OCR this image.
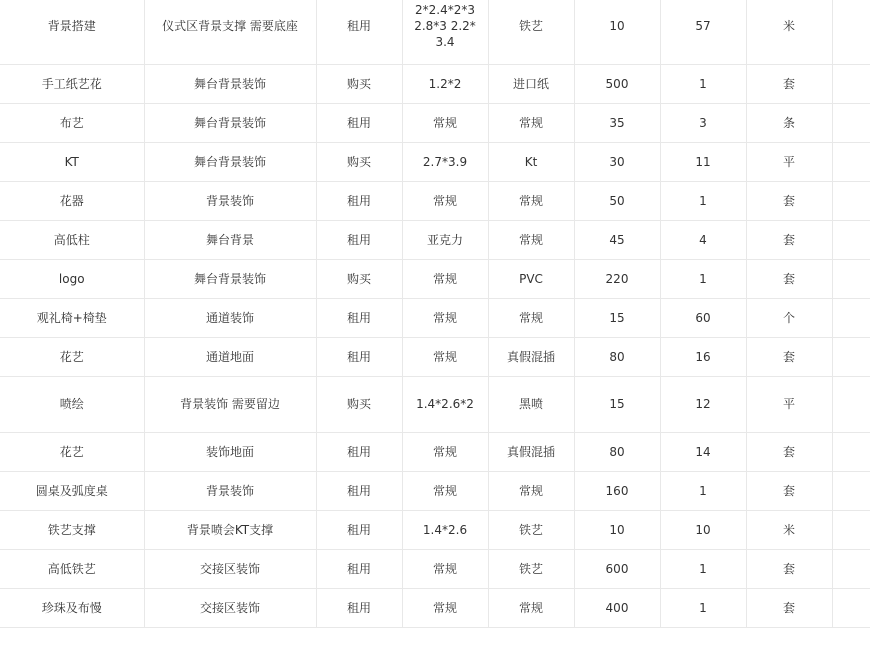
背景搭建	仪式区背景支撑 需要底座	租用	2*2.4*2*3 2.8*3 2.2*3.4	铁艺	10	57	米	
手工纸艺花	舞台背景装饰	购买	1.2*2	进口纸	500	1	套	
布艺	舞台背景装饰	租用	常规	常规	35	3	条	
KT	舞台背景装饰	购买	2.7*3.9	Kt	30	11	平	
花器	背景装饰	租用	常规	常规	50	1	套	
高低柱	舞台背景	租用	亚克力	常规	45	4	套	
logo	舞台背景装饰	购买	常规	PVC	220	1	套	
观礼椅+椅垫	通道装饰	租用	常规	常规	15	60	个	
花艺	通道地面	租用	常规	真假混插	80	16	套	
喷绘	背景装饰 需要留边	购买	1.4*2.6*2	黑喷	15	12	平	
花艺	装饰地面	租用	常规	真假混插	80	14	套	
圆桌及弧度桌	背景装饰	租用	常规	常规	160	1	套	
铁艺支撑	背景喷会KT支撑	租用	1.4*2.6	铁艺	10	10	米	
高低铁艺	交接区装饰	租用	常规	铁艺	600	1	套	
珍珠及布慢	交接区装饰	租用	常规	常规	400	1	套	
